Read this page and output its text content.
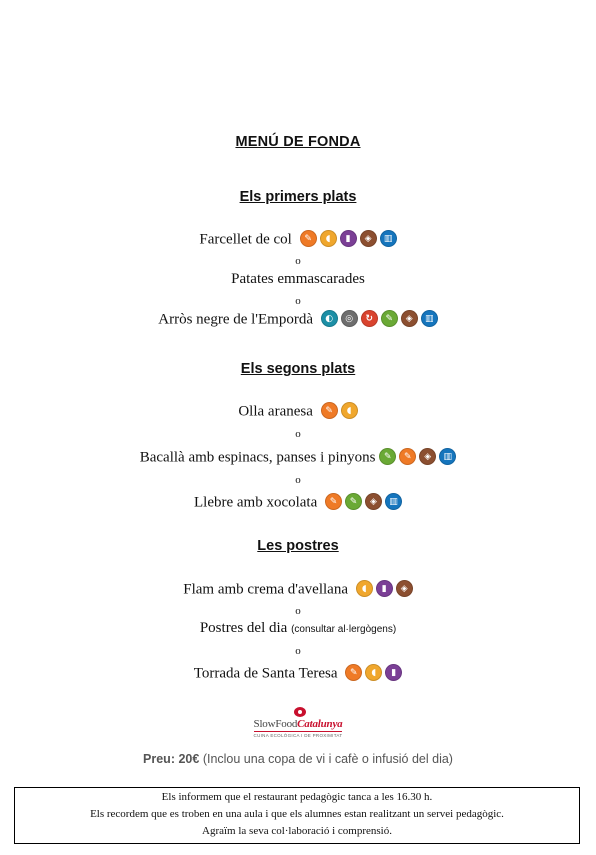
MENÚ DE FONDA
Els primers plats
Farcellet de col	✎	◖	▮	◈	▥
o
Patates emmascarades
o
Arròs negre de l'Empordà	◐	◎	↻	✎	◈	▥
Els segons plats
Olla aranesa	✎	◖
o
Bacallà amb espinacs, panses i pinyons ✎	✎	◈	▥
o
Llebre amb xocolata	✎	✎	◈	▥
Les postres
Flam amb crema d'avellana	◖	▮	◈
o
Postres del dia (consultar al·lergògens)
o
Torrada de Santa Teresa	✎	◖	▮
SlowFoodCatalunya
CUINA ECOLÒGICA I DE PROXIMITAT
Preu: 20€ (Inclou una copa de vi i cafè o infusió del dia)
Els informem que el restaurant pedagògic tanca a les 16.30 h.
Els recordem que es troben en una aula i que els alumnes estan realitzant un servei pedagògic.
Agraïm la seva col·laboració i comprensió.
